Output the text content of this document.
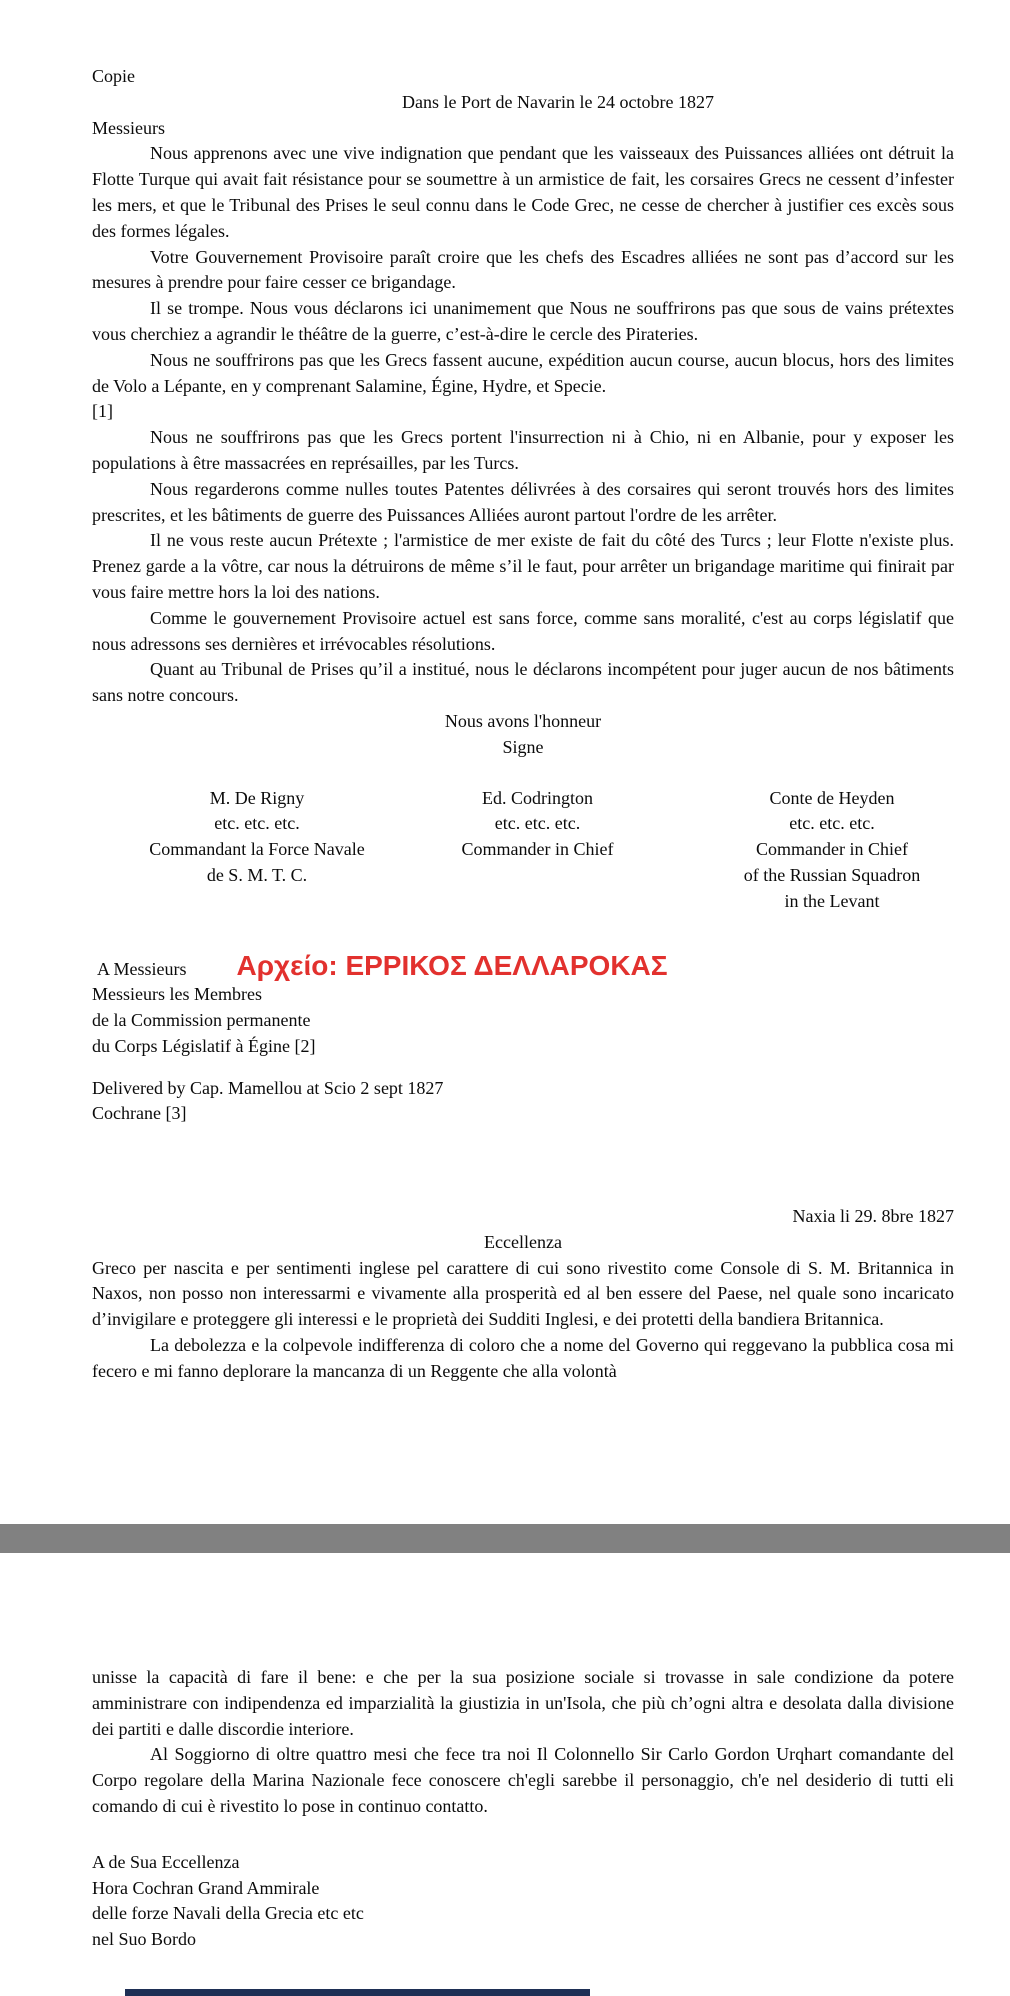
Copie
Dans le Port de Navarin le 24 octobre 1827
Messieurs

Nous apprenons avec une vive indignation que pendant que les vaisseaux des Puissances alliées ont détruit la Flotte Turque qui avait fait résistance pour se soumettre à un armistice de fait, les corsaires Grecs ne cessent d’infester les mers, et que le Tribunal des Prises le seul connu dans le Code Grec, ne cesse de chercher à justifier ces excès sous des formes légales.

Votre Gouvernement Provisoire paraît croire que les chefs des Escadres alliées ne sont pas d’accord sur les mesures à prendre pour faire cesser ce brigandage.

Il se trompe. Nous vous déclarons ici unanimement que Nous ne souffrirons pas que sous de vains prétextes vous cherchiez a agrandir le théâtre de la guerre, c’est-à-dire le cercle des Pirateries.

Nous ne souffrirons pas que les Grecs fassent aucune, expédition aucun course, aucun blocus, hors des limites de Volo a Lépante, en y comprenant Salamine, Égine, Hydre, et Specie.

[1]

Nous ne souffrirons pas que les Grecs portent l'insurrection ni à Chio, ni en Albanie, pour y exposer les populations à être massacrées en représailles, par les Turcs.

Nous regarderons comme nulles toutes Patentes délivrées à des corsaires qui seront trouvés hors des limites prescrites, et les bâtiments de guerre des Puissances Alliées auront partout l'ordre de les arrêter.

Il ne vous reste aucun Prétexte ; l'armistice de mer existe de fait du côté des Turcs ; leur Flotte n'existe plus. Prenez garde a la vôtre, car nous la détruirons de même s’il le faut, pour arrêter un brigandage maritime qui finirait par vous faire mettre hors la loi des nations.

Comme le gouvernement Provisoire actuel est sans force, comme sans moralité, c'est au corps législatif que nous adressons ses dernières et irrévocables résolutions.

Quant au Tribunal de Prises qu’il a institué, nous le déclarons incompétent pour juger aucun de nos bâtiments sans notre concours.

Nous avons l'honneur
Signe
M. De Rigny
etc. etc. etc.
Commandant la Force Navale
de S. M. T. C.
Ed. Codrington
etc. etc. etc.
Commander in Chief
Conte de Heyden
etc. etc. etc.
Commander in Chief
of the Russian Squadron
in the Levant
A Messieurs Αρχείο: ΕΡΡΙΚΟΣ ΔΕΛΛΑΡΟΚΑΣ
Messieurs les Membres
de la Commission permanente
du Corps Législatif à Égine [2]
Delivered by Cap. Mamellou at Scio 2 sept 1827
Cochrane [3]
Naxia li 29. 8bre 1827
Eccellenza

Greco per nascita e per sentimenti inglese pel carattere di cui sono rivestito come Console di S. M. Britannica in Naxos, non posso non interessarmi e vivamente alla prosperità ed al ben essere del Paese, nel quale sono incaricato d’invigilare e proteggere gli interessi e le proprietà dei Sudditi Inglesi, e dei protetti della bandiera Britannica.

La debolezza e la colpevole indifferenza di coloro che a nome del Governo qui reggevano la pubblica cosa mi fecero e mi fanno deplorare la mancanza di un Reggente che alla volontà

unisse la capacità di fare il bene: e che per la sua posizione sociale si trovasse in sale condizione da potere amministrare con indipendenza ed imparzialità la giustizia in un'Isola, che più ch’ogni altra e desolata dalla divisione dei partiti e dalle discordie interiore.

Al Soggiorno di oltre quattro mesi che fece tra noi Il Colonnello Sir Carlo Gordon Urqhart comandante del Corpo regolare della Marina Nazionale fece conoscere ch'egli sarebbe il personaggio, ch'e nel desiderio di tutti eli comando di cui è rivestito lo pose in continuo contatto.

A de Sua Eccellenza
Hora Cochran Grand Ammirale
delle forze Navali della Grecia etc etc
nel Suo Bordo
